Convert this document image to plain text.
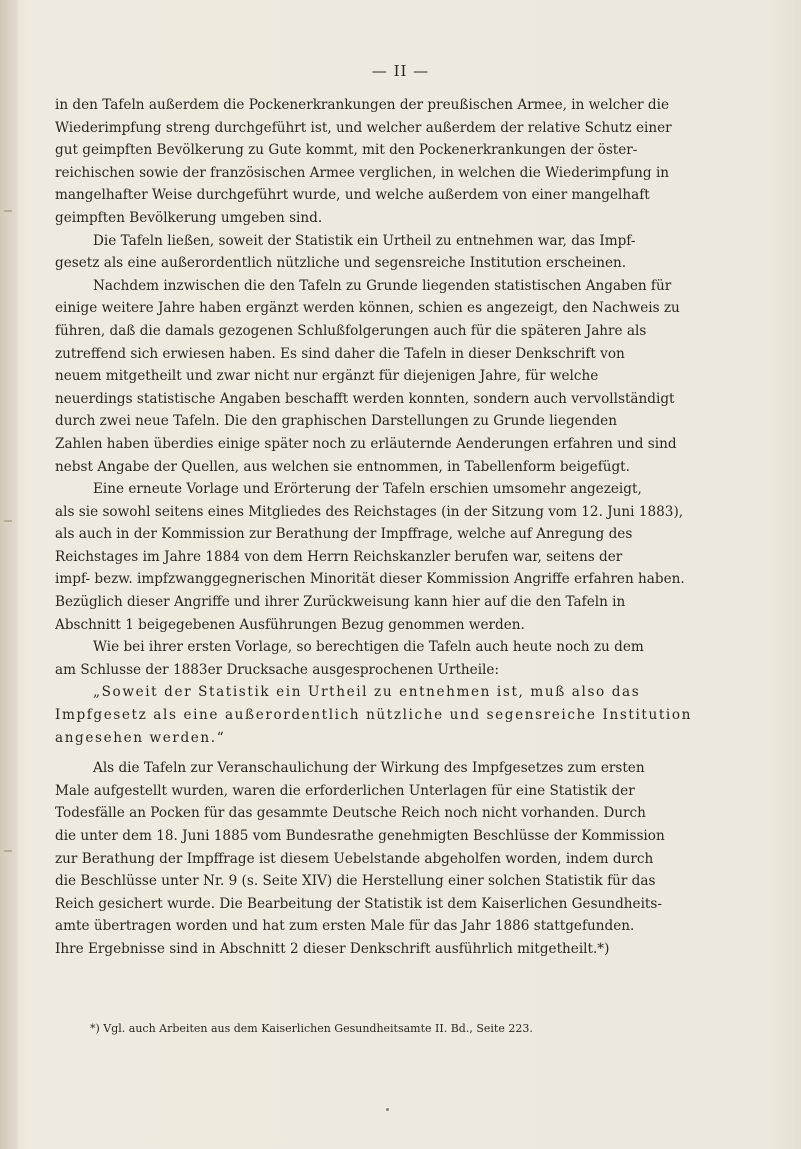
— II —

in den Tafeln außerdem die Pockenerkrankungen der preußischen Armee, in welcher die

Wiederimpfung streng durchgeführt ist, und welcher außerdem der relative Schutz einer

gut geimpften Bevölkerung zu Gute kommt, mit den Pockenerkrankungen der öster-

reichischen sowie der französischen Armee verglichen, in welchen die Wiederimpfung in

mangelhafter Weise durchgeführt wurde, und welche außerdem von einer mangelhaft

geimpften Bevölkerung umgeben sind.

Die Tafeln ließen, soweit der Statistik ein Urtheil zu entnehmen war, das Impf-

gesetz als eine außerordentlich nützliche und segensreiche Institution erscheinen.

Nachdem inzwischen die den Tafeln zu Grunde liegenden statistischen Angaben für

einige weitere Jahre haben ergänzt werden können, schien es angezeigt, den Nachweis zu

führen, daß die damals gezogenen Schlußfolgerungen auch für die späteren Jahre als

zutreffend sich erwiesen haben. Es sind daher die Tafeln in dieser Denkschrift von

neuem mitgetheilt und zwar nicht nur ergänzt für diejenigen Jahre, für welche

neuerdings statistische Angaben beschafft werden konnten, sondern auch vervollständigt

durch zwei neue Tafeln. Die den graphischen Darstellungen zu Grunde liegenden

Zahlen haben überdies einige später noch zu erläuternde Aenderungen erfahren und sind

nebst Angabe der Quellen, aus welchen sie entnommen, in Tabellenform beigefügt.

Eine erneute Vorlage und Erörterung der Tafeln erschien umsomehr angezeigt,

als sie sowohl seitens eines Mitgliedes des Reichstages (in der Sitzung vom 12. Juni 1883),

als auch in der Kommission zur Berathung der Impffrage, welche auf Anregung des

Reichstages im Jahre 1884 von dem Herrn Reichskanzler berufen war, seitens der

impf- bezw. impfzwanggegnerischen Minorität dieser Kommission Angriffe erfahren haben.

Bezüglich dieser Angriffe und ihrer Zurückweisung kann hier auf die den Tafeln in

Abschnitt 1 beigegebenen Ausführungen Bezug genommen werden.

Wie bei ihrer ersten Vorlage, so berechtigen die Tafeln auch heute noch zu dem

am Schlusse der 1883er Drucksache ausgesprochenen Urtheile:

„Soweit der Statistik ein Urtheil zu entnehmen ist, muß also das

Impfgesetz als eine außerordentlich nützliche und segensreiche Institution

angesehen werden.“

Als die Tafeln zur Veranschaulichung der Wirkung des Impfgesetzes zum ersten

Male aufgestellt wurden, waren die erforderlichen Unterlagen für eine Statistik der

Todesfälle an Pocken für das gesammte Deutsche Reich noch nicht vorhanden. Durch

die unter dem 18. Juni 1885 vom Bundesrathe genehmigten Beschlüsse der Kommission

zur Berathung der Impffrage ist diesem Uebelstande abgeholfen worden, indem durch

die Beschlüsse unter Nr. 9 (s. Seite XIV) die Herstellung einer solchen Statistik für das

Reich gesichert wurde. Die Bearbeitung der Statistik ist dem Kaiserlichen Gesundheits-

amte übertragen worden und hat zum ersten Male für das Jahr 1886 stattgefunden.

Ihre Ergebnisse sind in Abschnitt 2 dieser Denkschrift ausführlich mitgetheilt.*)

*) Vgl. auch Arbeiten aus dem Kaiserlichen Gesundheitsamte II. Bd., Seite 223.
